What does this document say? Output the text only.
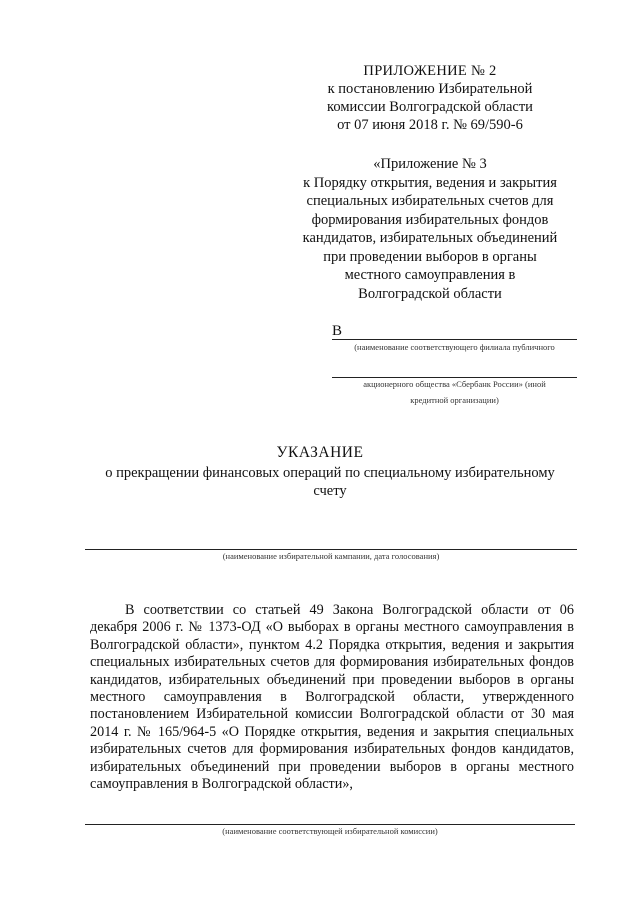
ПРИЛОЖЕНИЕ № 2
к постановлению Избирательной
комиссии Волгоградской области
от 07 июня 2018 г. № 69/590-6
«Приложение № 3
к Порядку открытия, ведения и закрытия
специальных избирательных счетов для
формирования избирательных фондов
кандидатов, избирательных объединений
при проведении выборов в органы
местного самоуправления в
Волгоградской области
В
(наименование соответствующего филиала публичного
акционерного общества «Сбербанк России» (иной
кредитной организации)
УКАЗАНИЕ
о прекращении финансовых операций по специальному избирательному счету
(наименование избирательной кампании, дата голосования)
В соответствии со статьей 49 Закона Волгоградской области от 06 декабря 2006 г. № 1373-ОД «О выборах в органы местного самоуправления в Волгоградской области», пунктом 4.2 Порядка открытия, ведения и закрытия специальных избирательных счетов для формирования избирательных фондов кандидатов, избирательных объединений при проведении выборов в органы местного самоуправления в Волгоградской области, утвержденного постановлением Избирательной комиссии Волгоградской области от 30 мая 2014 г. № 165/964-5 «О Порядке открытия, ведения и закрытия специальных избирательных счетов для формирования избирательных фондов кандидатов, избирательных объединений при проведении выборов в органы местного самоуправления в Волгоградской области»,
(наименование соответствующей избирательной комиссии)
